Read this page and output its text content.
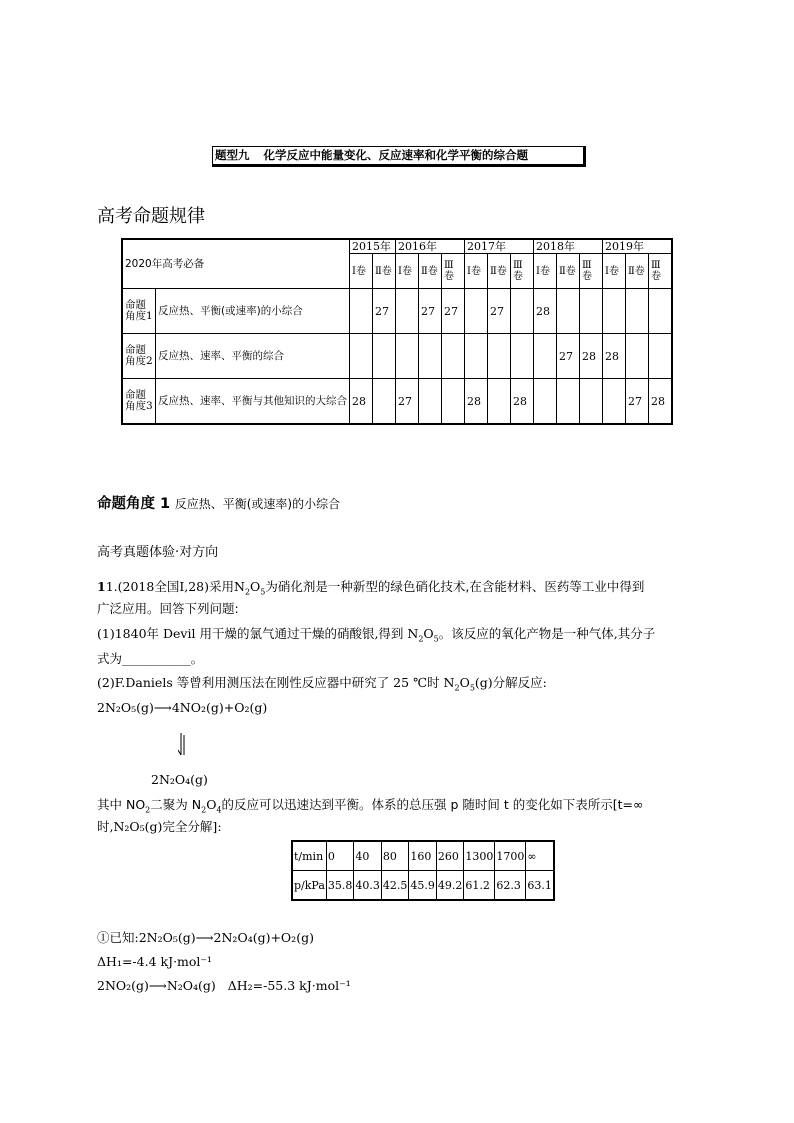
题型九 化学反应中能量变化、反应速率和化学平衡的综合题
高考命题规律
2020年高考必备		2015年		2016年			2017年			2018年			2019年		
		Ⅰ卷	Ⅱ卷	Ⅰ卷	Ⅱ卷	Ⅲ卷	Ⅰ卷	Ⅱ卷	Ⅲ卷	Ⅰ卷	Ⅱ卷	Ⅲ卷	Ⅰ卷	Ⅱ卷	Ⅲ卷
命题角度1	反应热、平衡(或速率)的小综合		27		27	27		27		28					
命题角度2	反应热、速率、平衡的综合										27	28	28		
命题角度3	反应热、速率、平衡与其他知识的大综合	28		27			28		28					27	28
命题角度 1 反应热、平衡(或速率)的小综合
高考真题体验·对方向
11.(2018全国Ⅰ,28)采用$N_2O_5$为硝化剂是一种新型的绿色硝化技术,在含能材料、医药等工业中得到
广泛应用。回答下列问题:
(1)1840年 Devil 用干燥的氯气通过干燥的硝酸银,得到 $N_2O_5$。该反应的氧化产物是一种气体,其分子
式为___________。
(2)F.Daniels 等曾利用测压法在刚性反应器中研究了 25 ℃时 $N_2O_5(g)$分解反应:
2N₂O₅(g)⟶4NO₂(g)+O₂(g)
2N₂O₄(g)
其中 $NO_2$二聚为 $N_2O_4$的反应可以迅速达到平衡。体系的总压强 p 随时间 t 的变化如下表所示[t=∞
时,N₂O₅(g)完全分解]:
t/min	0	40	80	160	260	1300	1700	∞
p/kPa	35.8	40.3	42.5	45.9	49.2	61.2	62.3	63.1
①已知:2N₂O₅(g)⟶2N₂O₄(g)+O₂(g)
ΔH₁=-4.4 kJ·mol⁻¹
2NO₂(g)⟶N₂O₄(g) ΔH₂=-55.3 kJ·mol⁻¹
